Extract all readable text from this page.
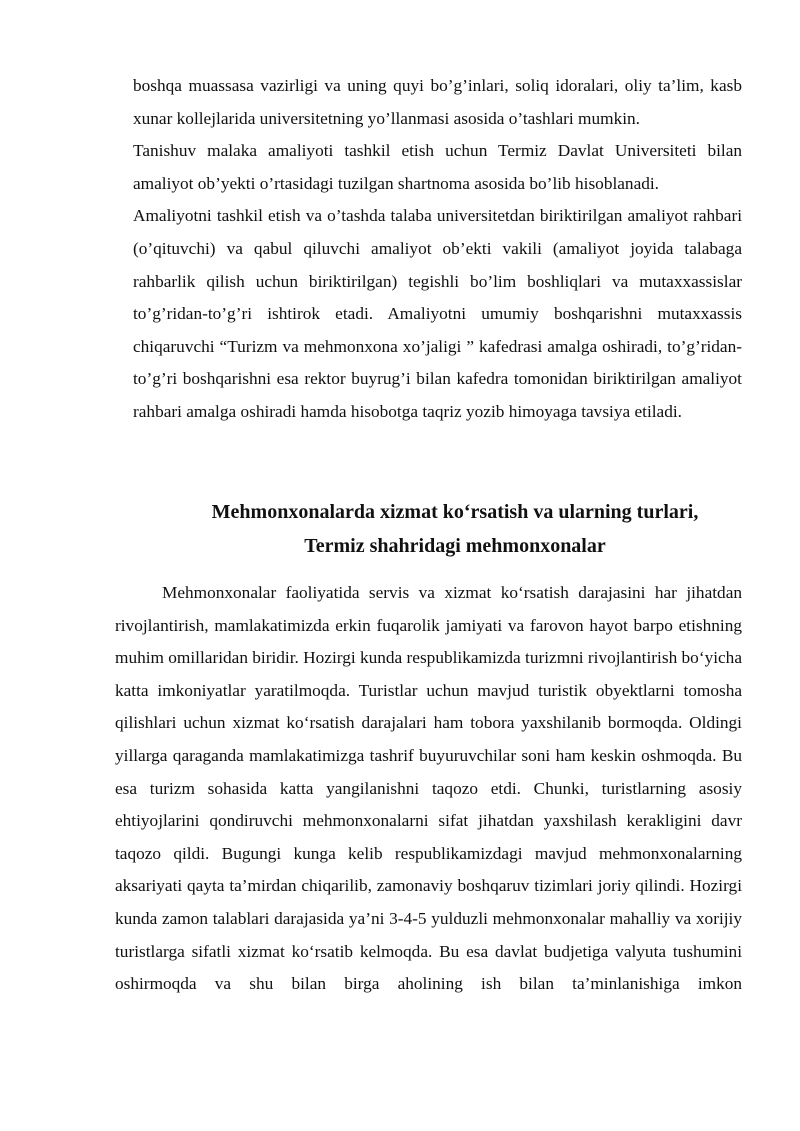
boshqa muassasa vazirligi va uning quyi bo’g’inlari, soliq idoralari, oliy ta’lim, kasb xunar kollejlarida universitetning yo’llanmasi asosida o’tashlari mumkin.

Tanishuv malaka amaliyoti tashkil etish uchun Termiz Davlat Universiteti bilan amaliyot ob’yekti o’rtasidagi tuzilgan shartnoma asosida bo’lib hisoblanadi.

Amaliyotni tashkil etish va o’tashda talaba universitetdan biriktirilgan amaliyot rahbari (o’qituvchi) va qabul qiluvchi amaliyot ob’ekti vakili (amaliyot joyida talabaga rahbarlik qilish uchun biriktirilgan) tegishli bo’lim boshliqlari va mutaxxassislar to’g’ridan-to’g’ri ishtirok etadi. Amaliyotni umumiy boshqarishni mutaxxassis chiqaruvchi “Turizm va mehmonxona xo’jaligi ” kafedrasi amalga oshiradi, to’g’ridan-to’g’ri boshqarishni esa rektor buyrug’i bilan kafedra tomonidan biriktirilgan amaliyot rahbari amalga oshiradi hamda hisobotga taqriz yozib himoyaga tavsiya etiladi.

Mehmonxonalarda xizmat ko‘rsatish va ularning turlari,
Termiz shahridagi mehmonxonalar

Mehmonxonalar faoliyatida servis va xizmat ko‘rsatish darajasini har jihatdan rivojlantirish, mamlakatimizda erkin fuqarolik jamiyati va farovon hayot barpo etishning muhim omillaridan biridir. Hozirgi kunda respublikamizda turizmni rivojlantirish bo‘yicha katta imkoniyatlar yaratilmoqda. Turistlar uchun mavjud turistik obyektlarni tomosha qilishlari uchun xizmat ko‘rsatish darajalari ham tobora yaxshilanib bormoqda. Oldingi yillarga qaraganda mamlakatimizga tashrif buyuruvchilar soni ham keskin oshmoqda. Bu esa turizm sohasida katta yangilanishni taqozo etdi. Chunki, turistlarning asosiy ehtiyojlarini qondiruvchi mehmonxonalarni sifat jihatdan yaxshilash kerakligini davr taqozo qildi. Bugungi kunga kelib respublikamizdagi mavjud mehmonxonalarning aksariyati qayta ta’mirdan chiqarilib, zamonaviy boshqaruv tizimlari joriy qilindi. Hozirgi kunda zamon talablari darajasida ya’ni 3-4-5 yulduzli mehmonxonalar mahalliy va xorijiy turistlarga sifatli xizmat ko‘rsatib kelmoqda. Bu esa davlat budjetiga valyuta tushumini oshirmoqda va shu bilan birga aholining ish bilan ta’minlanishiga imkon
